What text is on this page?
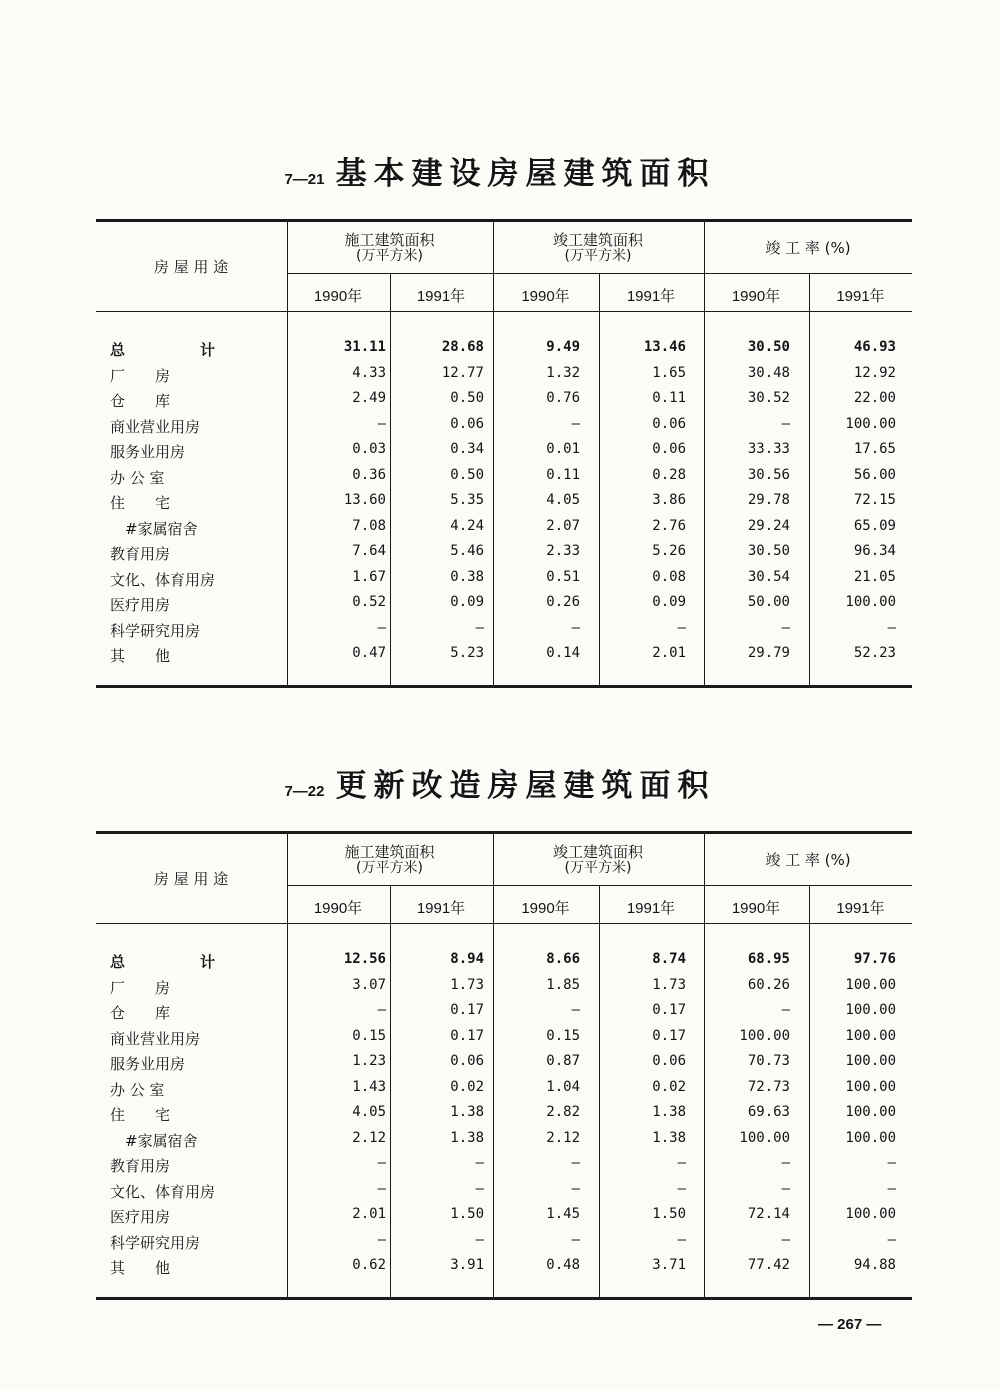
7—21 基本建设房屋建筑面积
房 屋 用 途
施工建筑面积
(万平方米)
竣工建筑面积
(万平方米)	竣 工 率 (%)
1990年	1991年	1990年	1991年	1990年	1991年
总　　　　　计	31.11	28.68	9.49	13.46	30.50	46.93
厂　　房	4.33	12.77	1.32	1.65	30.48	12.92
仓　　库	2.49	0.50	0.76	0.11	30.52	22.00
商业营业用房	—	0.06	—	0.06	—	100.00
服务业用房	0.03	0.34	0.01	0.06	33.33	17.65
办 公 室	0.36	0.50	0.11	0.28	30.56	56.00
住　　宅	13.60	5.35	4.05	3.86	29.78	72.15
　#家属宿舍	7.08	4.24	2.07	2.76	29.24	65.09
教育用房	7.64	5.46	2.33	5.26	30.50	96.34
文化、体育用房	1.67	0.38	0.51	0.08	30.54	21.05
医疗用房	0.52	0.09	0.26	0.09	50.00	100.00
科学研究用房	—	—	—	—	—	—
其　　他	0.47	5.23	0.14	2.01	29.79	52.23
7—22 更新改造房屋建筑面积
房 屋 用 途
施工建筑面积
(万平方米)
竣工建筑面积
(万平方米)	竣 工 率 (%)
1990年	1991年	1990年	1991年	1990年	1991年
总　　　　　计	12.56	8.94	8.66	8.74	68.95	97.76
厂　　房	3.07	1.73	1.85	1.73	60.26	100.00
仓　　库	—	0.17	—	0.17	—	100.00
商业营业用房	0.15	0.17	0.15	0.17	100.00	100.00
服务业用房	1.23	0.06	0.87	0.06	70.73	100.00
办 公 室	1.43	0.02	1.04	0.02	72.73	100.00
住　　宅	4.05	1.38	2.82	1.38	69.63	100.00
　#家属宿舍	2.12	1.38	2.12	1.38	100.00	100.00
教育用房	—	—	—	—	—	—
文化、体育用房	—	—	—	—	—	—
医疗用房	2.01	1.50	1.45	1.50	72.14	100.00
科学研究用房	—	—	—	—	—	—
其　　他	0.62	3.91	0.48	3.71	77.42	94.88
— 267 —
